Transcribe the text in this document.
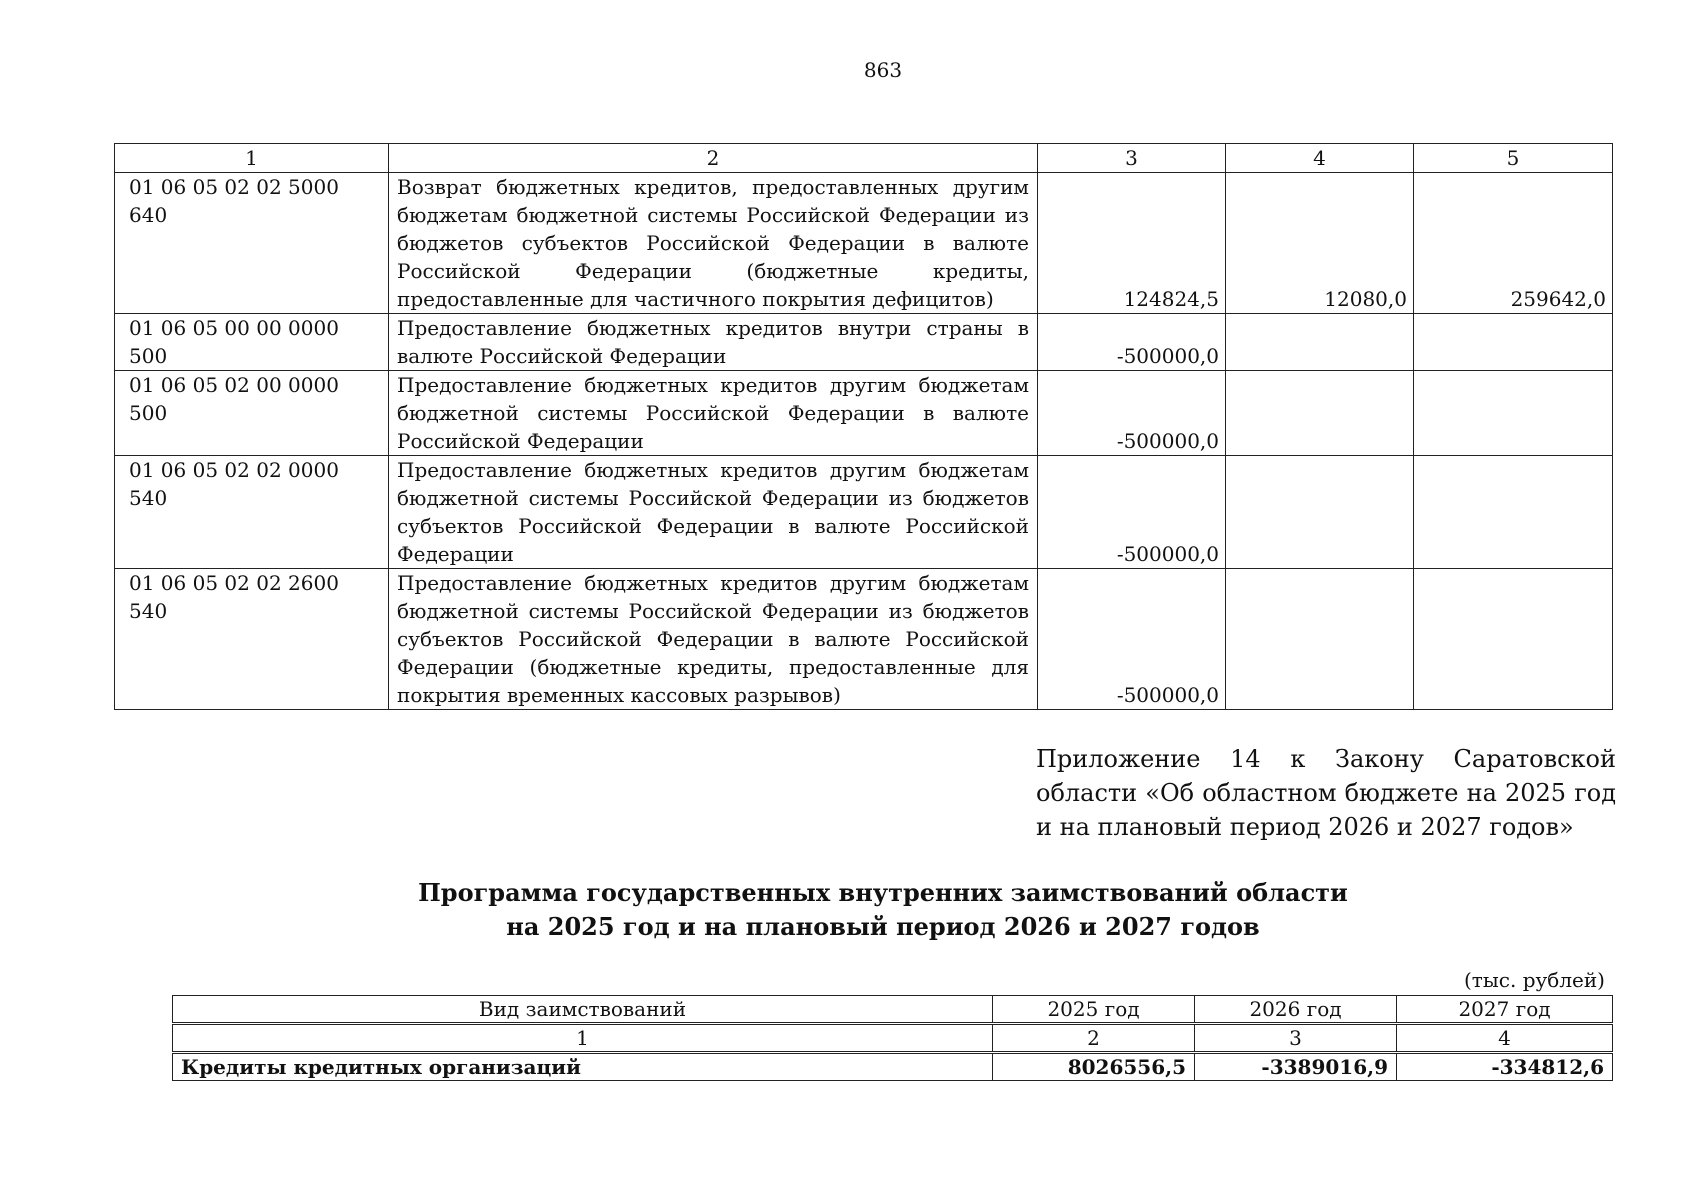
863
1	2	3	4	5
01 06 05 02 02 5000 640	Возврат бюджетных кредитов, предоставленных другим бюджетам бюджетной системы Российской Федерации из бюджетов субъектов Российской Федерации в валюте Российской Федерации (бюджетные кредиты, предоставленные для частичного покрытия дефицитов)	124824,5	12080,0	259642,0
01 06 05 00 00 0000 500	Предоставление бюджетных кредитов внутри страны в валюте Российской Федерации	-500000,0		
01 06 05 02 00 0000 500	Предоставление бюджетных кредитов другим бюджетам бюджетной системы Российской Федерации в валюте Российской Федерации	-500000,0		
01 06 05 02 02 0000 540	Предоставление бюджетных кредитов другим бюджетам бюджетной системы Российской Федерации из бюджетов субъектов Российской Федерации в валюте Российской Федерации	-500000,0		
01 06 05 02 02 2600 540	Предоставление бюджетных кредитов другим бюджетам бюджетной системы Российской Федерации из бюджетов субъектов Российской Федерации в валюте Российской Федерации (бюджетные кредиты, предоставленные для покрытия временных кассовых разрывов)	-500000,0		
Приложение 14 к Закону Саратовской области «Об областном бюджете на 2025 год и на плановый период 2026 и 2027 годов»
Программа государственных внутренних заимствований области
на 2025 год и на плановый период 2026 и 2027 годов
(тыс. рублей)
Вид заимствований	2025 год	2026 год	2027 год
1	2	3	4
Кредиты кредитных организаций	8026556,5	-3389016,9	-334812,6
